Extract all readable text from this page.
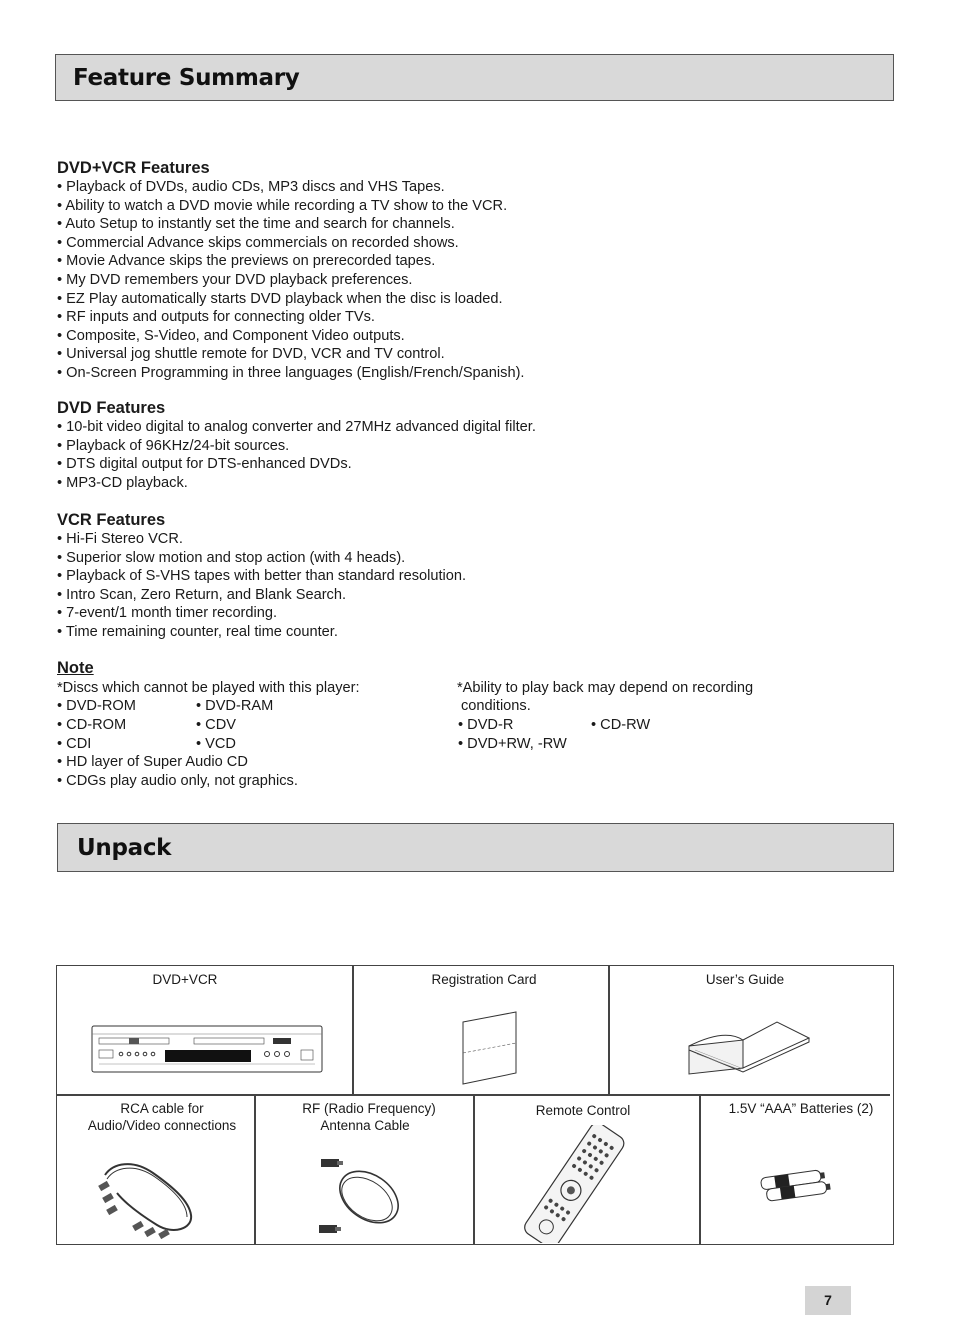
Feature Summary
DVD+VCR Features
• Playback of DVDs, audio CDs, MP3 discs and VHS Tapes.
• Ability to watch a DVD movie while recording a TV show to the VCR.
• Auto Setup to instantly set the time and search for channels.
• Commercial Advance skips commercials on recorded shows.
• Movie Advance skips the previews on prerecorded tapes.
• My DVD remembers your DVD playback preferences.
• EZ Play automatically starts DVD playback when the disc is loaded.
• RF inputs and outputs for connecting older TVs.
• Composite, S-Video, and Component Video outputs.
• Universal jog shuttle remote for DVD, VCR and TV control.
• On-Screen Programming in three languages (English/French/Spanish).
DVD Features
• 10-bit video digital to analog converter and 27MHz advanced digital filter.
• Playback of 96KHz/24-bit sources.
• DTS digital output for DTS-enhanced DVDs.
• MP3-CD playback.
VCR Features
• Hi-Fi Stereo VCR.
• Superior slow motion and stop action (with 4 heads).
• Playback of S-VHS tapes with better than standard resolution.
• Intro Scan, Zero Return, and Blank Search.
• 7-event/1 month timer recording.
• Time remaining counter, real time counter.
Note
*Discs which cannot be played with this player:
• DVD-ROM
• CD-ROM
• CDI
• DVD-RAM
• CDV
• VCD
• HD layer of Super Audio CD
• CDGs play audio only, not graphics.
*Ability to play back may depend on recording
conditions.
• DVD-R
• DVD+RW, -RW
• CD-RW
Unpack
DVD+VCR	Registration Card	User’s Guide
RCA cable for
Audio/Video connections
RF (Radio Frequency)
Antenna Cable
Remote Control	1.5V “AAA” Batteries (2)
7
